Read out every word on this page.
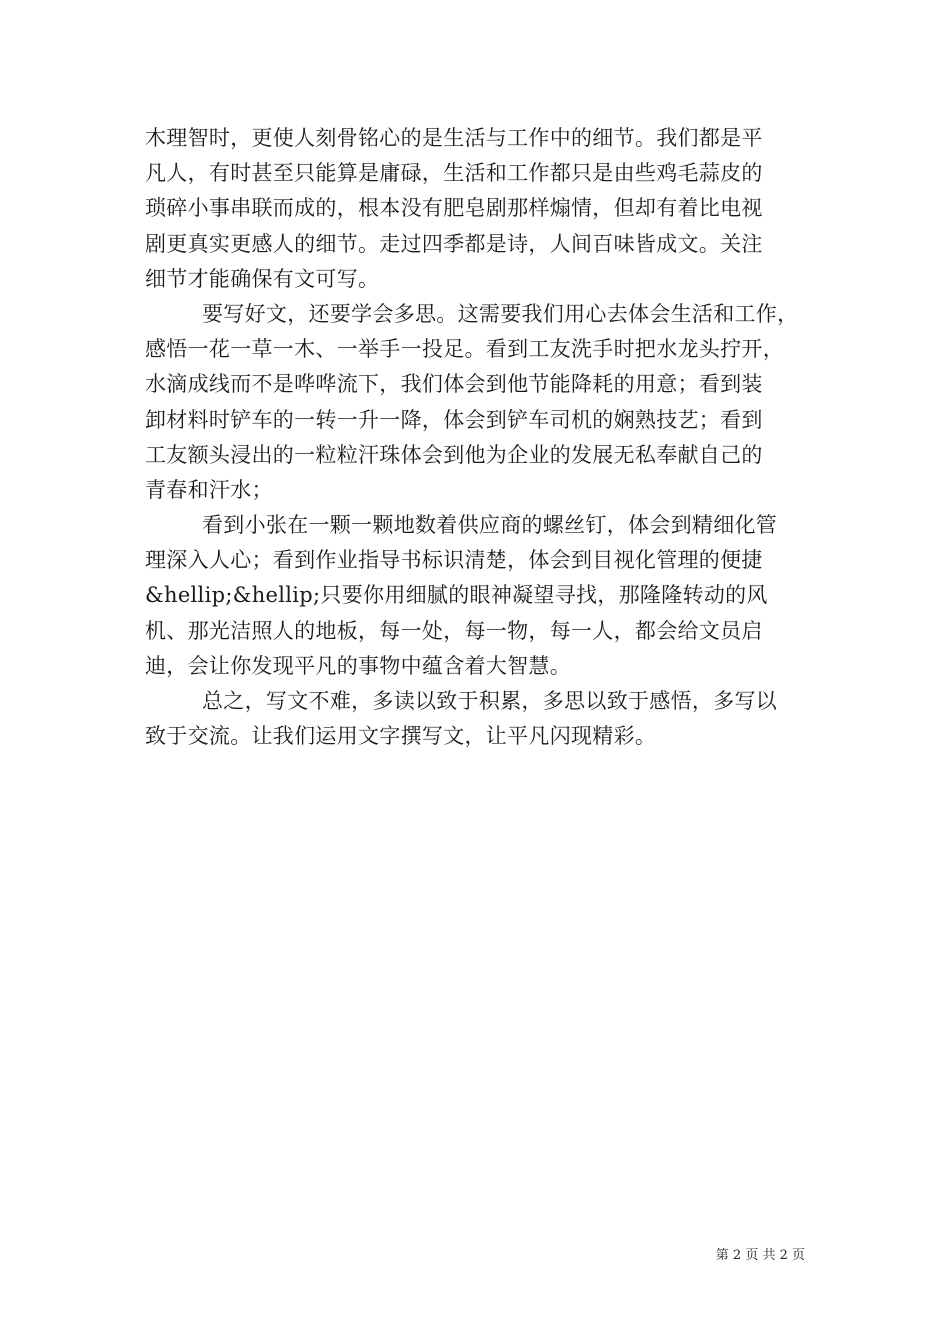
木理智时，更使人刻骨铭心的是生活与工作中的细节。我们都是平
凡人，有时甚至只能算是庸碌，生活和工作都只是由些鸡毛蒜皮的
琐碎小事串联而成的，根本没有肥皂剧那样煽情，但却有着比电视
剧更真实更感人的细节。走过四季都是诗，人间百味皆成文。关注
细节才能确保有文可写。
要写好文，还要学会多思。这需要我们用心去体会生活和工作，
感悟一花一草一木、一举手一投足。看到工友洗手时把水龙头拧开，
水滴成线而不是哗哗流下，我们体会到他节能降耗的用意；看到装
卸材料时铲车的一转一升一降，体会到铲车司机的娴熟技艺；看到
工友额头浸出的一粒粒汗珠体会到他为企业的发展无私奉献自己的
青春和汗水；
看到小张在一颗一颗地数着供应商的螺丝钉，体会到精细化管
理深入人心；看到作业指导书标识清楚，体会到目视化管理的便捷
&hellip;&hellip;只要你用细腻的眼神凝望寻找，那隆隆转动的风
机、那光洁照人的地板，每一处，每一物，每一人，都会给文员启
迪，会让你发现平凡的事物中蕴含着大智慧。
总之，写文不难，多读以致于积累，多思以致于感悟，多写以
致于交流。让我们运用文字撰写文，让平凡闪现精彩。
第 2 页 共 2 页
